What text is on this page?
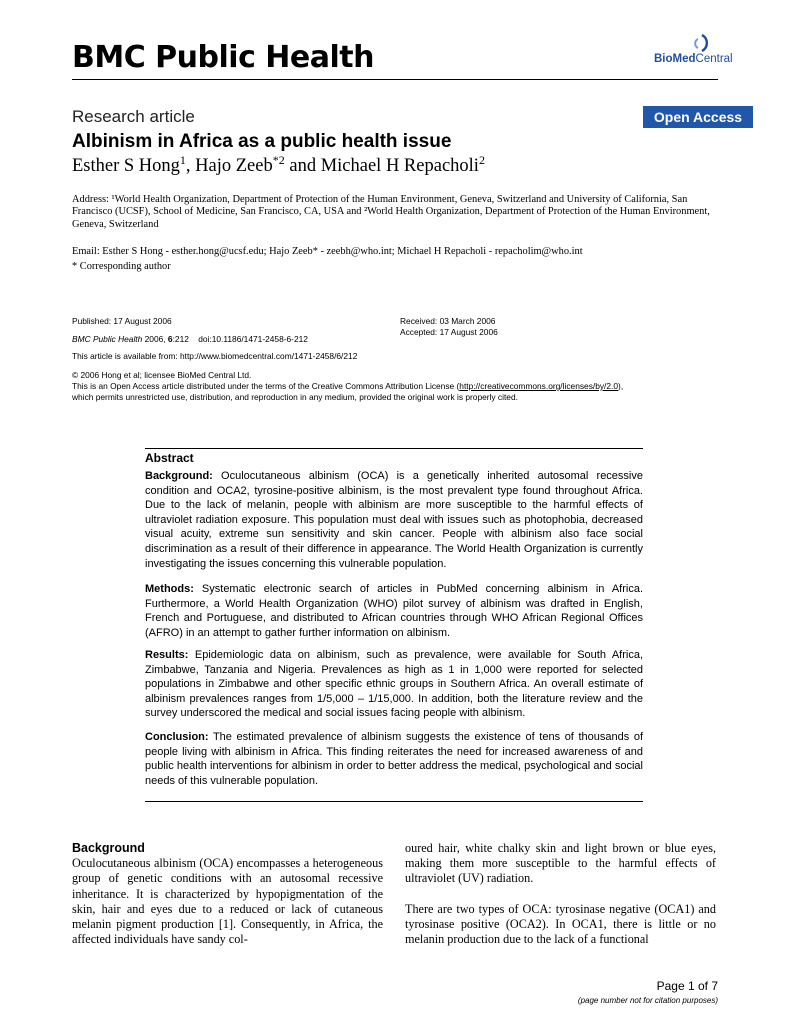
BMC Public Health	BioMedCentral
Research article	Open Access
Albinism in Africa as a public health issue
Esther S Hong$^1$, Hajo Zeeb$^{*2}$ and Michael H Repacholi$^2$
Address: ¹World Health Organization, Department of Protection of the Human Environment, Geneva, Switzerland and University of California, San Francisco (UCSF), School of Medicine, San Francisco, CA, USA and ²World Health Organization, Department of Protection of the Human Environment, Geneva, Switzerland
Email: Esther S Hong - esther.hong@ucsf.edu; Hajo Zeeb* - zeebh@who.int; Michael H Repacholi - repacholim@who.int
* Corresponding author
Published: 17 August 2006
BMC Public Health 2006, 6:212    doi:10.1186/1471-2458-6-212
Received: 03 March 2006
Accepted: 17 August 2006
This article is available from: http://www.biomedcentral.com/1471-2458/6/212
© 2006 Hong et al; licensee BioMed Central Ltd.
This is an Open Access article distributed under the terms of the Creative Commons Attribution License (http://creativecommons.org/licenses/by/2.0),
which permits unrestricted use, distribution, and reproduction in any medium, provided the original work is properly cited.
Abstract
Background: Oculocutaneous albinism (OCA) is a genetically inherited autosomal recessive condition and OCA2, tyrosine-positive albinism, is the most prevalent type found throughout Africa. Due to the lack of melanin, people with albinism are more susceptible to the harmful effects of ultraviolet radiation exposure. This population must deal with issues such as photophobia, decreased visual acuity, extreme sun sensitivity and skin cancer. People with albinism also face social discrimination as a result of their difference in appearance. The World Health Organization is currently investigating the issues concerning this vulnerable population.
Methods: Systematic electronic search of articles in PubMed concerning albinism in Africa. Furthermore, a World Health Organization (WHO) pilot survey of albinism was drafted in English, French and Portuguese, and distributed to African countries through WHO African Regional Offices (AFRO) in an attempt to gather further information on albinism.
Results: Epidemiologic data on albinism, such as prevalence, were available for South Africa, Zimbabwe, Tanzania and Nigeria. Prevalences as high as 1 in 1,000 were reported for selected populations in Zimbabwe and other specific ethnic groups in Southern Africa. An overall estimate of albinism prevalences ranges from 1/5,000 – 1/15,000. In addition, both the literature review and the survey underscored the medical and social issues facing people with albinism.
Conclusion: The estimated prevalence of albinism suggests the existence of tens of thousands of people living with albinism in Africa. This finding reiterates the need for increased awareness of and public health interventions for albinism in order to better address the medical, psychological and social needs of this vulnerable population.
Background
Oculocutaneous albinism (OCA) encompasses a heterogeneous group of genetic conditions with an autosomal recessive inheritance. It is characterized by hypopigmentation of the skin, hair and eyes due to a reduced or lack of cutaneous melanin pigment production [1]. Consequently, in Africa, the affected individuals have sandy col-
oured hair, white chalky skin and light brown or blue eyes, making them more susceptible to the harmful effects of ultraviolet (UV) radiation.
There are two types of OCA: tyrosinase negative (OCA1) and tyrosinase positive (OCA2). In OCA1, there is little or no melanin production due to the lack of a functional
Page 1 of 7
(page number not for citation purposes)
